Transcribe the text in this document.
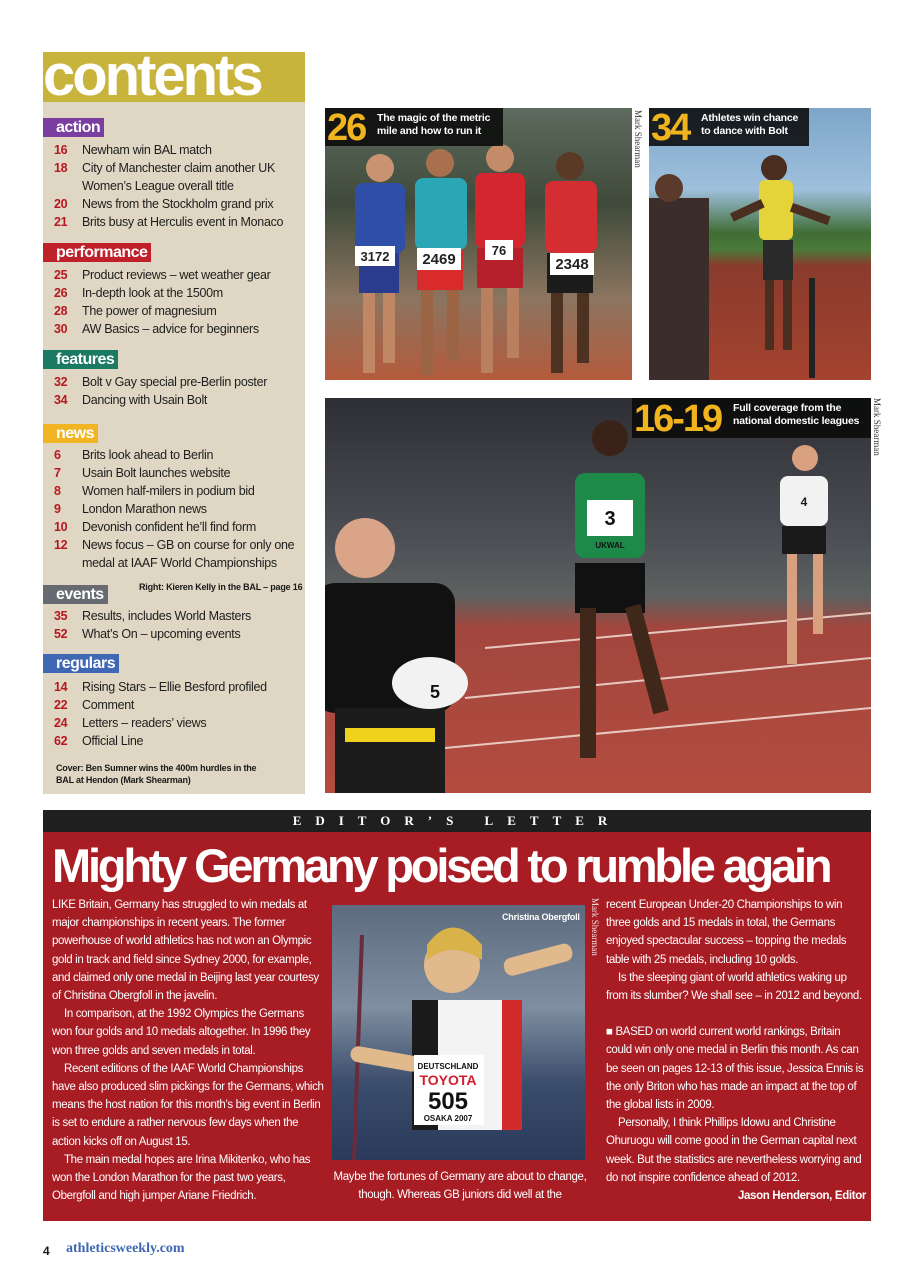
contents
action
16	Newham win BAL match
18	City of Manchester claim another UK Women’s League overall title
20	News from the Stockholm grand prix
21	Brits busy at Herculis event in Monaco
performance
25	Product reviews – wet weather gear
26	In-depth look at the 1500m
28	The power of magnesium
30	AW Basics – advice for beginners
features
32	Bolt v Gay special pre-Berlin poster
34	Dancing with Usain Bolt
news
6	Brits look ahead to Berlin
7	Usain Bolt launches website
8	Women half-milers in podium bid
9	London Marathon news
10	Devonish confident he’ll find form
12	News focus – GB on course for only one medal at IAAF World Championships
events	Right: Kieren Kelly in the BAL – page 16
35	Results, includes World Masters
52	What’s On – upcoming events
regulars
14	Rising Stars – Ellie Besford profiled
22	Comment
24	Letters – readers’ views
62	Official Line
Cover: Ben Sumner wins the 400m hurdles in the BAL at Hendon (Mark Shearman)
3172 2469
76
2348
26 The magic of the metric mile and how to run it	Mark Shearman 34 Athletes win chance to dance with Bolt
3
UKWAL
4
5
16-19 Full coverage from the national domestic leagues	Mark Shearman
EDITOR’S LETTER
Mighty Germany poised to rumble again

LIKE Britain, Germany has struggled to win medals at major championships in recent years. The former powerhouse of world athletics has not won an Olympic gold in track and field since Sydney 2000, for example, and claimed only one medal in Beijing last year courtesy of Christina Obergfoll in the javelin.

In comparison, at the 1992 Olympics the Germans won four golds and 10 medals altogether. In 1996 they won three golds and seven medals in total.

Recent editions of the IAAF World Championships have also produced slim pickings for the Germans, which means the host nation for this month’s big event in Berlin is set to endure a rather nervous few days when the action kicks off on August 15.

The main medal hopes are Irina Mikitenko, who has won the London Marathon for the past two years, Obergfoll and high jumper Ariane Friedrich.

Maybe the fortunes of Germany are about to change, though. Whereas GB juniors did well at the

recent European Under-20 Championships to win three golds and 15 medals in total, the Germans enjoyed spectacular success – topping the medals table with 25 medals, including 10 golds.

Is the sleeping giant of world athletics waking up from its slumber? We shall see – in 2012 and beyond.

■ BASED on world current world rankings, Britain could win only one medal in Berlin this month. As can be seen on pages 12-13 of this issue, Jessica Ennis is the only Briton who has made an impact at the top of the global lists in 2009.

Personally, I think Phillips Idowu and Christine Ohuruogu will come good in the German capital next week. But the statistics are nevertheless worrying and do not inspire confidence ahead of 2012.

Jason Henderson, Editor

DEUTSCHLAND
TOYOTA
505
OSAKA 2007
Christina Obergfoll Mark Shearman
4 athleticsweekly.com
